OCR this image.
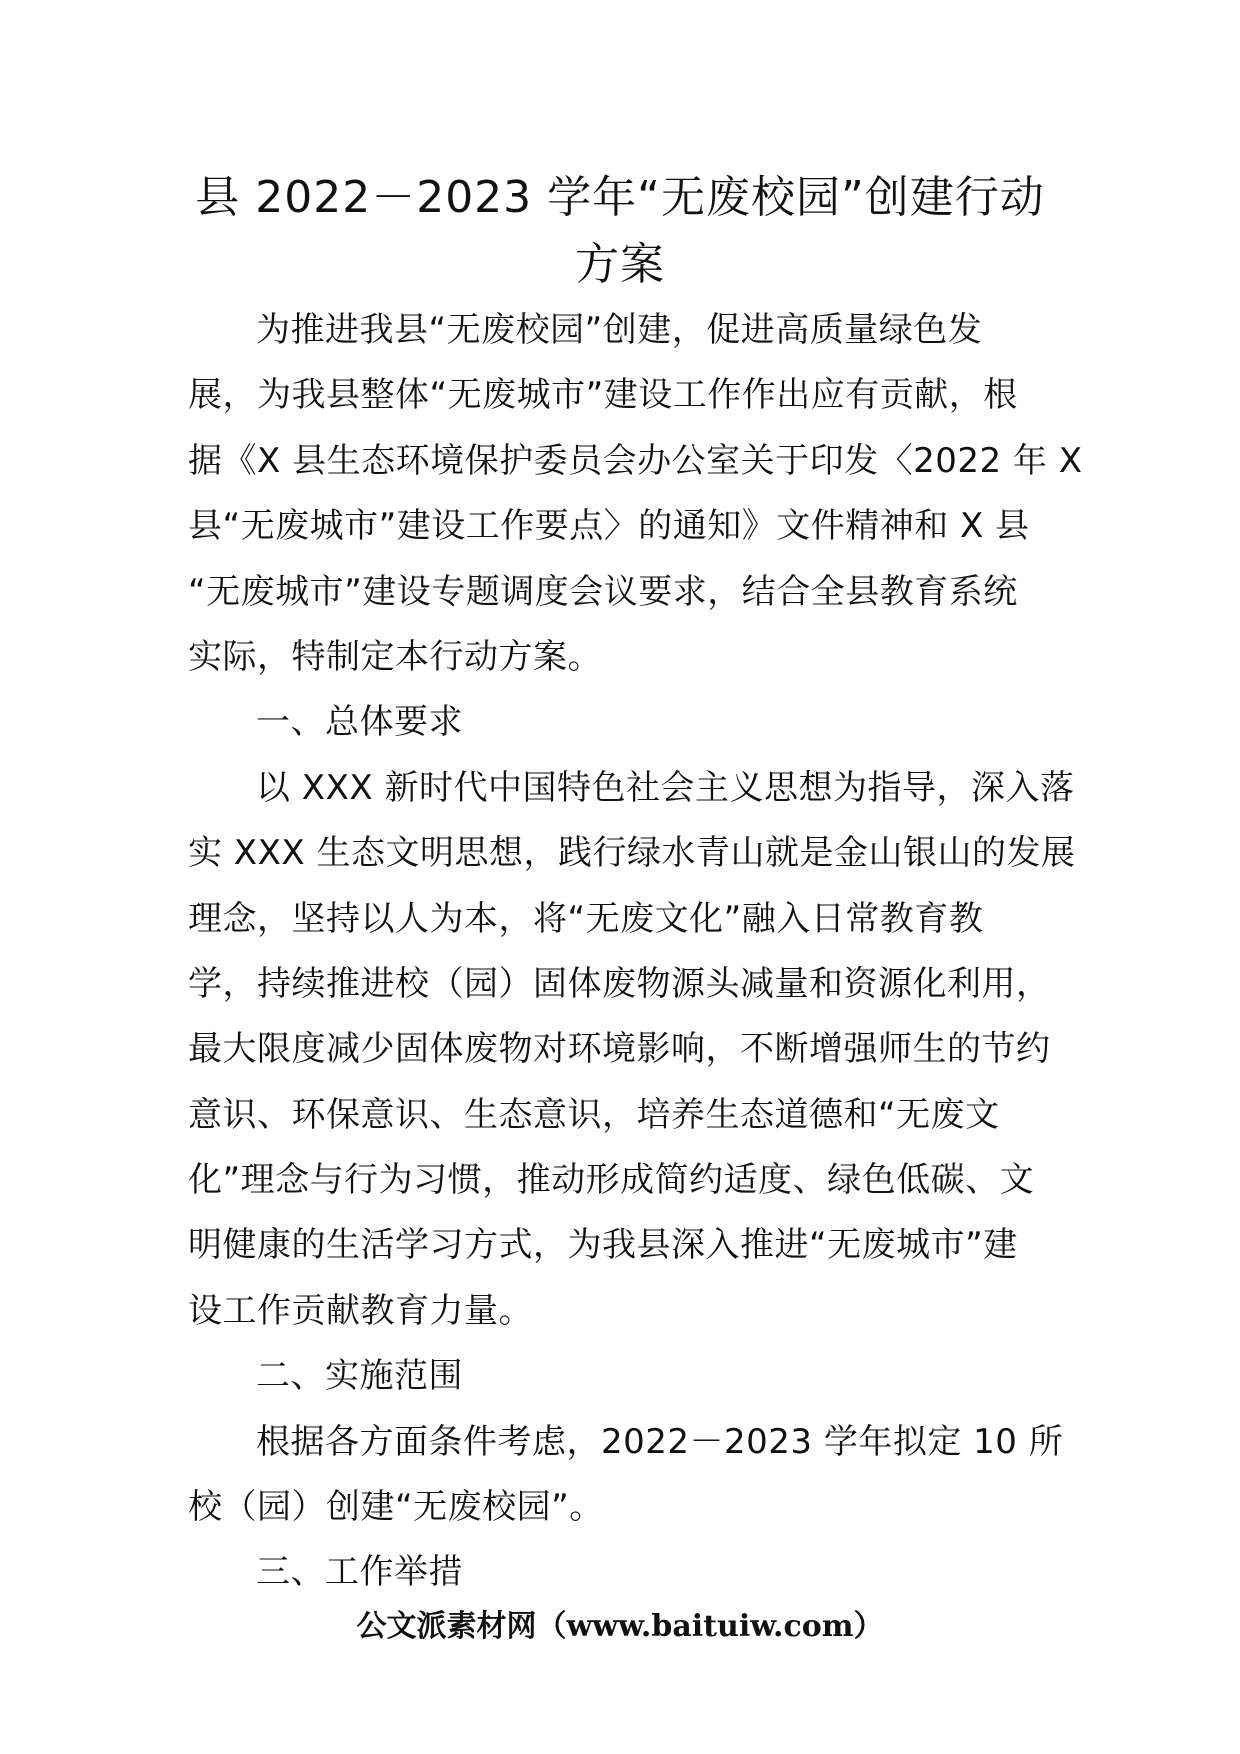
县 2022－2023 学年“无废校园”创建行动
方案
为推进我县“无废校园”创建，促进高质量绿色发
展，为我县整体“无废城市”建设工作作出应有贡献，根
据《X 县生态环境保护委员会办公室关于印发〈2022 年 X
县“无废城市”建设工作要点〉的通知》文件精神和 X 县
“无废城市”建设专题调度会议要求，结合全县教育系统
实际，特制定本行动方案。
一、总体要求
以 XXX 新时代中国特色社会主义思想为指导，深入落
实 XXX 生态文明思想，践行绿水青山就是金山银山的发展
理念，坚持以人为本，将“无废文化”融入日常教育教
学，持续推进校（园）固体废物源头减量和资源化利用，
最大限度减少固体废物对环境影响，不断增强师生的节约
意识、环保意识、生态意识，培养生态道德和“无废文
化”理念与行为习惯，推动形成简约适度、绿色低碳、文
明健康的生活学习方式，为我县深入推进“无废城市”建
设工作贡献教育力量。
二、实施范围
根据各方面条件考虑，2022－2023 学年拟定 10 所
校（园）创建“无废校园”。
三、工作举措
公文派素材网（www.baituiw.com）
